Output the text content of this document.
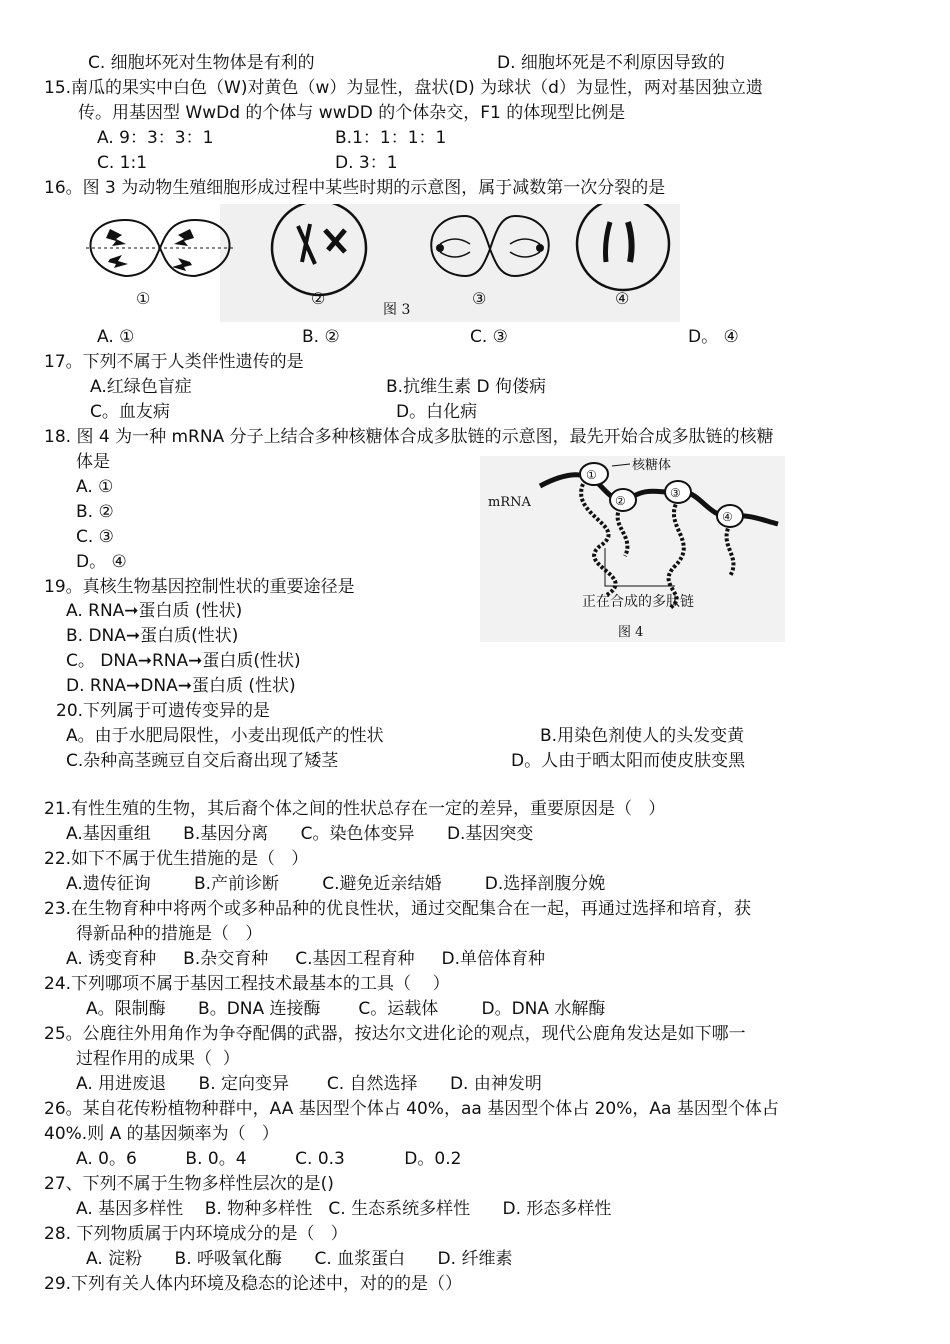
C. 细胞坏死对生物体是有利的	D. 细胞坏死是不利原因导致的
15.南瓜的果实中白色（W)对黄色（w）为显性，盘状(D) 为球状（d）为显性，两对基因独立遗
传。用基因型 WwDd 的个体与 wwDD 的个体杂交，F1 的体现型比例是
A. 9：3：3：1	B.1：1：1：1
C. 1:1	D. 3：1
16。图 3 为动物生殖细胞形成过程中某些时期的示意图，属于减数第一次分裂的是
①	②	③	④
图 3
A. ①	B. ②	C. ③	D。 ④
17。下列不属于人类伴性遗传的是
A.红绿色盲症	B.抗维生素 D 佝偻病
C。血友病	D。白化病
18. 图 4 为一种 mRNA 分子上结合多种核糖体合成多肽链的示意图，最先开始合成多肽链的核糖
体是
A. ①
B. ②
C. ③
D。 ④
mRNA
①
②
③
④
核糖体
正在合成的多肽链
图 4
19。真核生物基因控制性状的重要途径是
A. RNA➞蛋白质 (性状)
B. DNA➞蛋白质(性状)
C。 DNA➞RNA➞蛋白质(性状)
D. RNA➞DNA➞蛋白质 (性状)
20.下列属于可遗传变异的是
A。由于水肥局限性，小麦出现低产的性状	B.用染色剂使人的头发变黄
C.杂种高茎豌豆自交后裔出现了矮茎	D。人由于晒太阳而使皮肤变黑
21.有性生殖的生物，其后裔个体之间的性状总存在一定的差异，重要原因是（   ）
A.基因重组      B.基因分离      C。染色体变异      D.基因突变
22.如下不属于优生措施的是（   ）
A.遗传征询        B.产前诊断        C.避免近亲结婚        D.选择剖腹分娩
23.在生物育种中将两个或多种品种的优良性状，通过交配集合在一起，再通过选择和培育，获
得新品种的措施是（   ）
A. 诱变育种     B.杂交育种     C.基因工程育种     D.单倍体育种
24.下列哪项不属于基因工程技术最基本的工具（    ）
A。限制酶      B。DNA 连接酶       C。运载体        D。DNA 水解酶
25。公鹿往外用角作为争夺配偶的武器，按达尔文进化论的观点，现代公鹿角发达是如下哪一
过程作用的成果（  ）
A. 用进废退      B. 定向变异       C. 自然选择      D. 由神发明
26。某自花传粉植物种群中，AA 基因型个体占 40%，aa 基因型个体占 20%，Aa 基因型个体占
40%.则 A 的基因频率为（   ）
A. 0。6         B. 0。4         C. 0.3           D。0.2
27、下列不属于生物多样性层次的是()
A. 基因多样性    B. 物种多样性   C. 生态系统多样性      D. 形态多样性
28. 下列物质属于内环境成分的是（   ）
A. 淀粉      B. 呼吸氧化酶      C. 血浆蛋白      D. 纤维素
29.下列有关人体内环境及稳态的论述中，对的的是（）
